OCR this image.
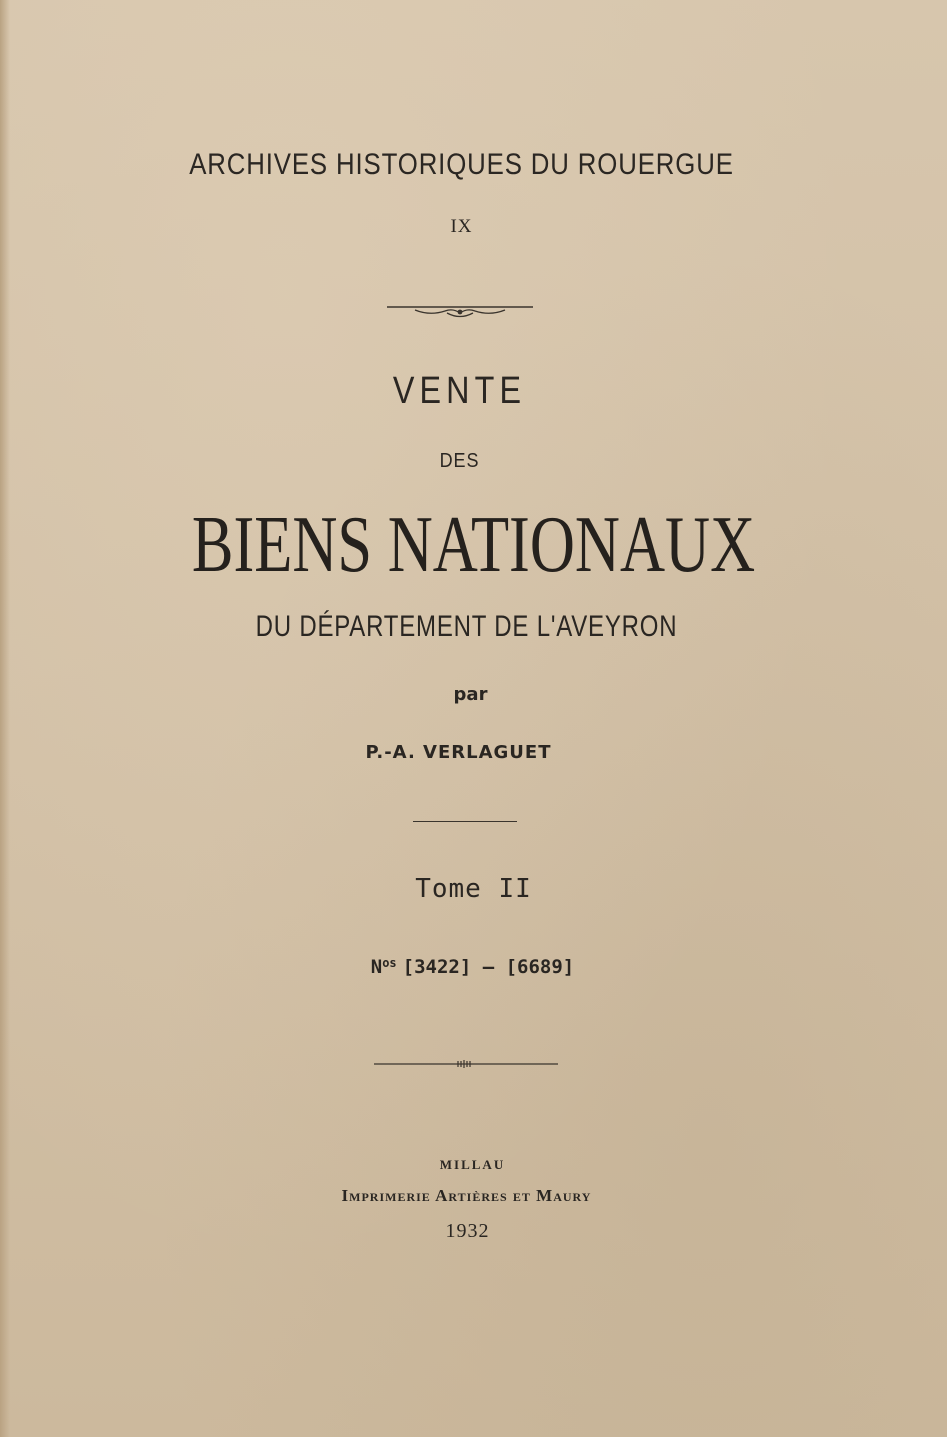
ARCHIVES HISTORIQUES DU ROUERGUE
IX
VENTE
DES
BIENS NATIONAUX
DU DÉPARTEMENT DE L'AVEYRON
par
P.-A. VERLAGUET
Tome II
$N^{os}$ [3422] — [6689]
MILLAU
Imprimerie Artières et Maury
1932
